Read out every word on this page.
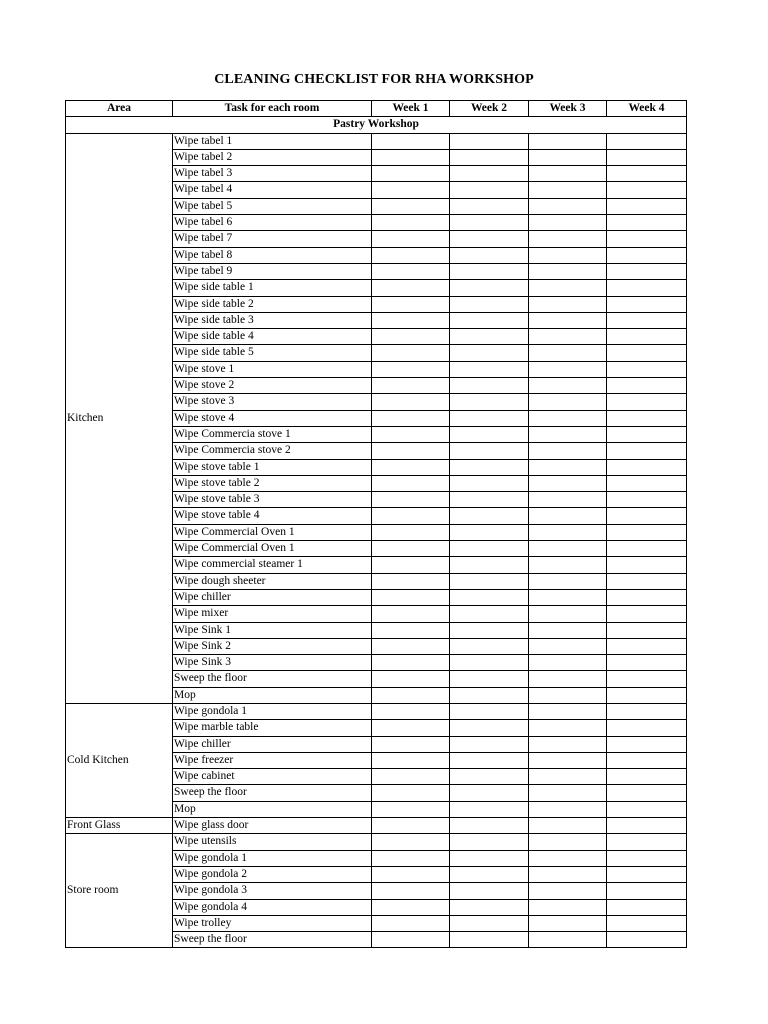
CLEANING CHECKLIST FOR RHA WORKSHOP
Area	Task for each room	Week 1	Week 2	Week 3	Week 4
Pastry Workshop					
Kitchen	Wipe tabel 1				
	Wipe tabel 2				
	Wipe tabel 3				
	Wipe tabel 4				
	Wipe tabel 5				
	Wipe tabel 6				
	Wipe tabel 7				
	Wipe tabel 8				
	Wipe tabel 9				
	Wipe side table 1				
	Wipe side table 2				
	Wipe side table 3				
	Wipe side table 4				
	Wipe side table 5				
	Wipe stove 1				
	Wipe stove 2				
	Wipe stove 3				
	Wipe stove 4				
	Wipe Commercia stove 1				
	Wipe Commercia stove 2				
	Wipe stove table 1				
	Wipe stove table 2				
	Wipe stove table 3				
	Wipe stove table 4				
	Wipe Commercial Oven 1				
	Wipe Commercial Oven 1				
	Wipe commercial steamer 1				
	Wipe dough sheeter				
	Wipe chiller				
	Wipe mixer				
	Wipe Sink 1				
	Wipe Sink 2				
	Wipe Sink 3				
	Sweep the floor				
	Mop				
Cold Kitchen	Wipe gondola 1				
	Wipe marble table				
	Wipe chiller				
	Wipe freezer				
	Wipe cabinet				
	Sweep the floor				
	Mop				
Front Glass	Wipe glass door				
Store room	Wipe utensils				
	Wipe gondola 1				
	Wipe gondola 2				
	Wipe gondola 3				
	Wipe gondola 4				
	Wipe trolley				
	Sweep the floor				
